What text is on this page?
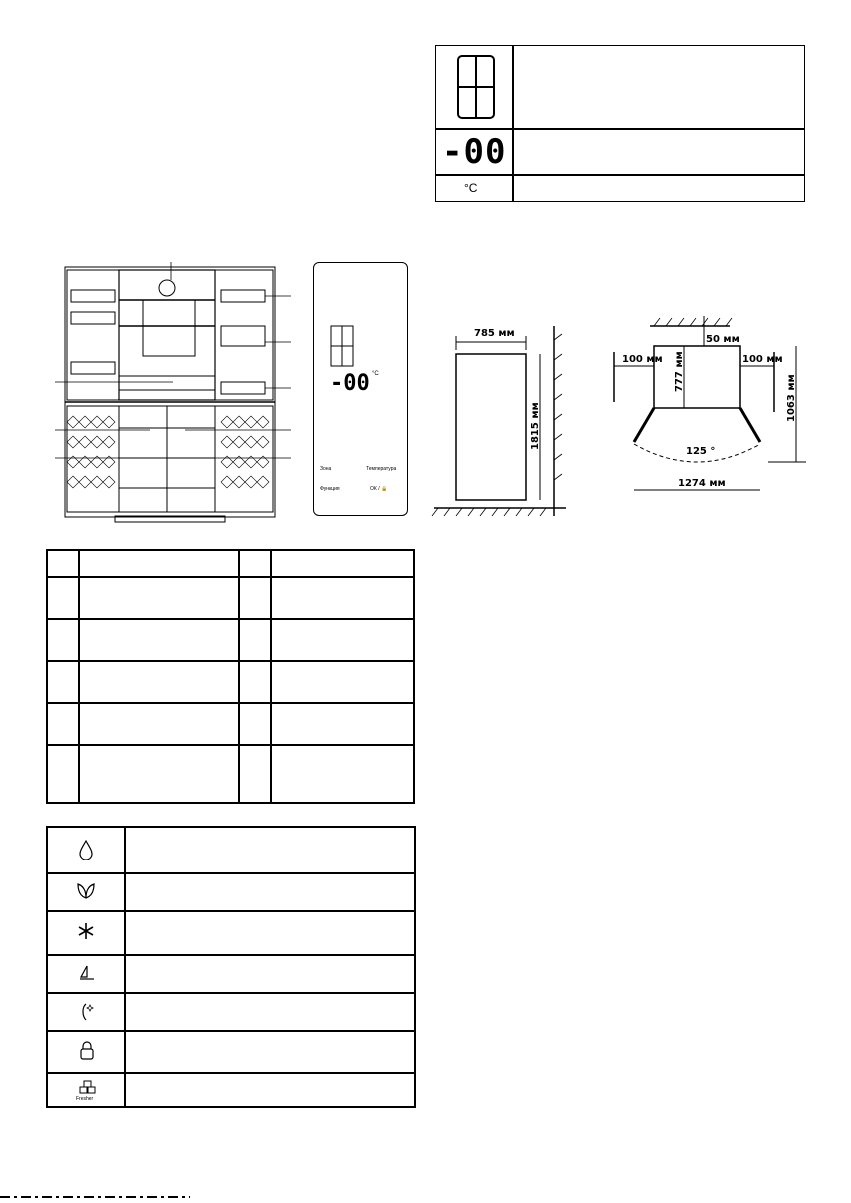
-00
°C
-00 °C
Зона	Температура
Функция	ОК / 🔒
785 мм
1815 мм
50 мм
100 мм	100 мм
777 мм
1063 мм
125 °
1274 мм

Fresher
